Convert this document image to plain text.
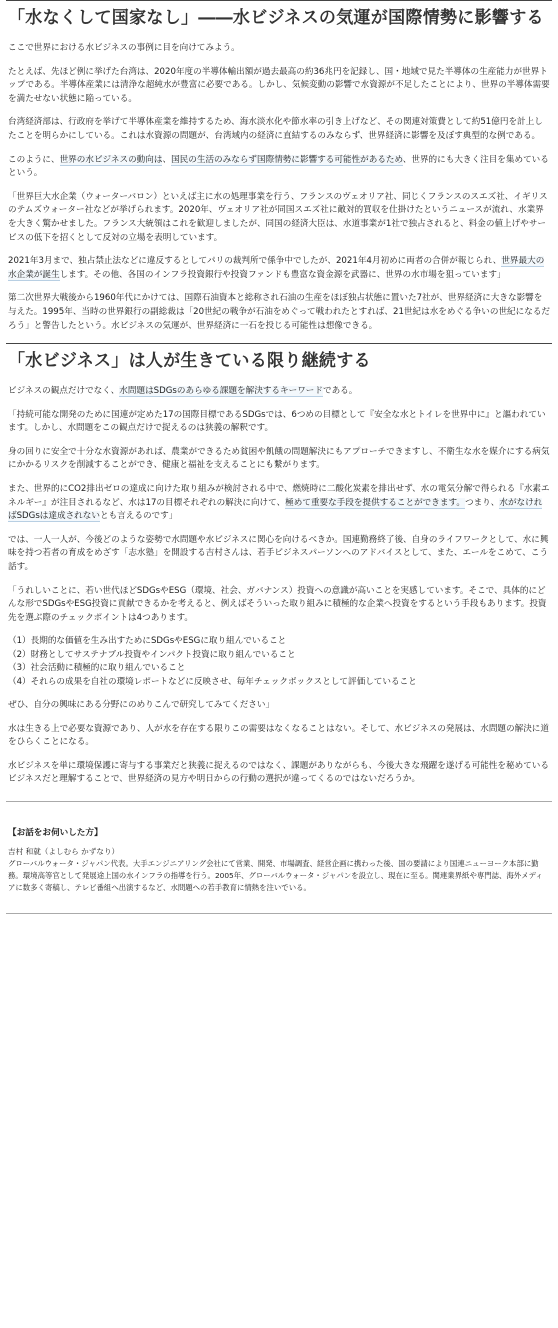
「水なくして国家なし」――水ビジネスの気運が国際情勢に影響する

ここで世界における水ビジネスの事例に目を向けてみよう。

たとえば、先ほど例に挙げた台湾は、2020年度の半導体輸出額が過去最高の約36兆円を記録し、国・地域で見た半導体の生産能力が世界トップである。半導体産業には清浄な超純水が豊富に必要である。しかし、気候変動の影響で水資源が不足したことにより、世界の半導体需要を満たせない状態に陥っている。

台湾経済部は、行政府を挙げて半導体産業を維持するため、海水淡水化や節水率の引き上げなど、その関連対策費として約51億円を計上したことを明らかにしている。これは水資源の問題が、台湾域内の経済に直結するのみならず、世界経済に影響を及ぼす典型的な例である。

このように、世界の水ビジネスの動向は、国民の生活のみならず国際情勢に影響する可能性があるため、世界的にも大きく注目を集めているという。

「世界巨大水企業（ウォーターバロン）といえば主に水の処理事業を行う、フランスのヴェオリア社、同じくフランスのスエズ社、イギリスのテムズウォーター社などが挙げられます。2020年、ヴェオリア社が同国スエズ社に敵対的買収を仕掛けたというニュースが流れ、水業界を大きく驚かせました。フランス大統領はこれを歓迎しましたが、同国の経済大臣は、水道事業が1社で独占されると、料金の値上げやサービスの低下を招くとして反対の立場を表明しています。

2021年3月まで、独占禁止法などに違反するとしてパリの裁判所で係争中でしたが、2021年4月初めに両者の合併が報じられ、世界最大の水企業が誕生します。その他、各国のインフラ投資銀行や投資ファンドも豊富な資金源を武器に、世界の水市場を狙っています」

第二次世界大戦後から1960年代にかけては、国際石油資本と総称され石油の生産をほぼ独占状態に置いた7社が、世界経済に大きな影響を与えた。1995年、当時の世界銀行の副総裁は「20世紀の戦争が石油をめぐって戦われたとすれば、21世紀は水をめぐる争いの世紀になるだろう」と警告したという。水ビジネスの気運が、世界経済に一石を投じる可能性は想像できる。

「水ビジネス」は人が生きている限り継続する

ビジネスの観点だけでなく、水問題はSDGsのあらゆる課題を解決するキーワードである。

「持続可能な開発のために国連が定めた17の国際目標であるSDGsでは、6つめの目標として『安全な水とトイレを世界中に』と謳われています。しかし、水問題をこの観点だけで捉えるのは狭義の解釈です。

身の回りに安全で十分な水資源があれば、農業ができるため貧困や飢餓の問題解決にもアプローチできますし、不衛生な水を媒介にする病気にかかるリスクを削減することができ、健康と福祉を支えることにも繋がります。

また、世界的にCO2排出ゼロの達成に向けた取り組みが検討される中で、燃焼時に二酸化炭素を排出せず、水の電気分解で得られる『水素エネルギー』が注目されるなど、水は17の目標それぞれの解決に向けて、極めて重要な手段を提供することができます。つまり、水がなければSDGsは達成されないとも言えるのです」

では、一人一人が、今後どのような姿勢で水問題や水ビジネスに関心を向けるべきか。国連勤務終了後、自身のライフワークとして、水に興味を持つ若者の育成をめざす「志水塾」を開設する吉村さんは、若手ビジネスパーソンへのアドバイスとして、また、エールをこめて、こう話す。

「うれしいことに、若い世代ほどSDGsやESG（環境、社会、ガバナンス）投資への意識が高いことを実感しています。そこで、具体的にどんな形でSDGsやESG投資に貢献できるかを考えると、例えばそういった取り組みに積極的な企業へ投資をするという手段もあります。投資先を選ぶ際のチェックポイントは4つあります。

（1）長期的な価値を生み出すためにSDGsやESGに取り組んでいること
（2）財務としてサステナブル投資やインパクト投資に取り組んでいること
（3）社会活動に積極的に取り組んでいること
（4）それらの成果を自社の環境レポートなどに反映させ、毎年チェックボックスとして評価していること

ぜひ、自分の興味にある分野にのめりこんで研究してみてください」

水は生きる上で必要な資源であり、人が水を存在する限りこの需要はなくなることはない。そして、水ビジネスの発展は、水問題の解決に道をひらくことになる。

水ビジネスを単に環境保護に寄与する事業だと狭義に捉えるのではなく、課題がありながらも、今後大きな飛躍を遂げる可能性を秘めているビジネスだと理解することで、世界経済の見方や明日からの行動の選択が違ってくるのではないだろうか。

【お話をお伺いした方】
吉村 和就（よしむら かずなり）
グローバルウォータ・ジャパン代表。大手エンジニアリング会社にて営業、開発、市場調査、経営企画に携わった後、国の要請により国連ニューヨーク本部に勤務。環境高等官として発展途上国の水インフラの指導を行う。2005年、グローバルウォータ・ジャパンを設立し、現在に至る。関連業界紙や専門誌、海外メディアに数多く寄稿し、テレビ番組へ出演するなど、水問題への若手教育に情熱を注いでいる。
